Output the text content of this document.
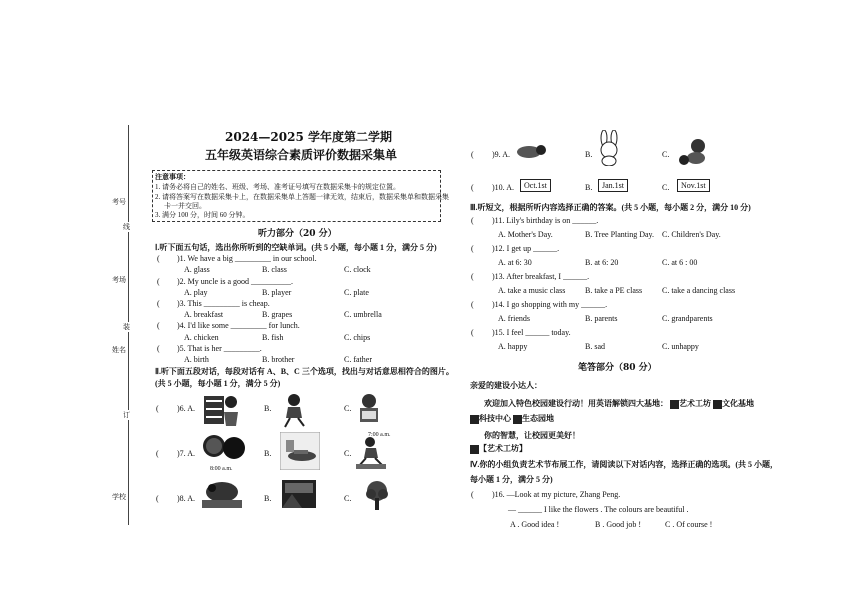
考号
线
考场
姓名
订
学校
装
2024—2025 学年度第二学期
五年级英语综合素质评价数据采集单
注意事项：
1. 请务必将自己的姓名、班级、考场、准考证号填写在数据采集卡的规定位置。
2. 请将答案写在数据采集卡上，在数据采集单上答题一律无效，结束后，数据采集单和数据采集
卡一并交回。
3. 满分 100 分，时间 60 分钟。
听力部分（20 分）
Ⅰ.听下面五句话，选出你所听到的空缺单词。(共 5 小题，每小题 1 分，满分 5 分)
( )1. We have a big _________ in our school.
A. glass	B. class	C. clock
( )2. My uncle is a good __________.
A. play	B. player	C. plate
( )3. This _________ is cheap.
A. breakfast	B. grapes	C. umbrella
( )4. I'd like some _________ for lunch.
A. chicken	B. fish	C. chips
( )5. That is her _________.
A. birth	B. brother	C. father
Ⅱ.听下面五段对话，每段对话有 A、B、C 三个选项，找出与对话意思相符合的图片。
(共 5 小题，每小题 1 分，满分 5 分)
( )6. A.	B.	C.
( )7. A.
8:00 a.m.
B.	C.
7:00 a.m.
( )8. A.	B.	C.
( )9. A.	B.	C.
( )10. A.	Oct.1st	B.	Jan.1st	C.	Nov.1st
Ⅲ.听短文，根据所听内容选择正确的答案。(共 5 小题，每小题 2 分，满分 10 分)
( )11. Lily's birthday is on ______.
A. Mother's Day.	B. Tree Planting Day. C. Children's Day.
( )12. I get up ______.
A. at 6: 30	B. at 6: 20	C. at 6 : 00
( )13. After breakfast, I ______.
A. take a music class B. take a PE class C. take a dancing class
( )14. I go shopping with my ______.
A. friends	B. parents	C. grandparents
( )15. I feel ______ today.
A. happy	B. sad	C. unhappy
笔答部分（80 分）
亲爱的建设小达人：
欢迎加入特色校园建设行动！用英语解锁四大基地： 艺术工坊 文化基地
科技中心 生态园地
你的智慧，让校园更美好！
【艺术工坊】
Ⅳ.你的小组负责艺术节布展工作，请阅读以下对话内容，选择正确的选项。(共 5 小题，
每小题 1 分，满分 5 分)
( )16. —Look at my picture, Zhang Peng.
— ______ I like the flowers . The colours are beautiful .
A . Good idea !	B . Good job !	C . Of course !
